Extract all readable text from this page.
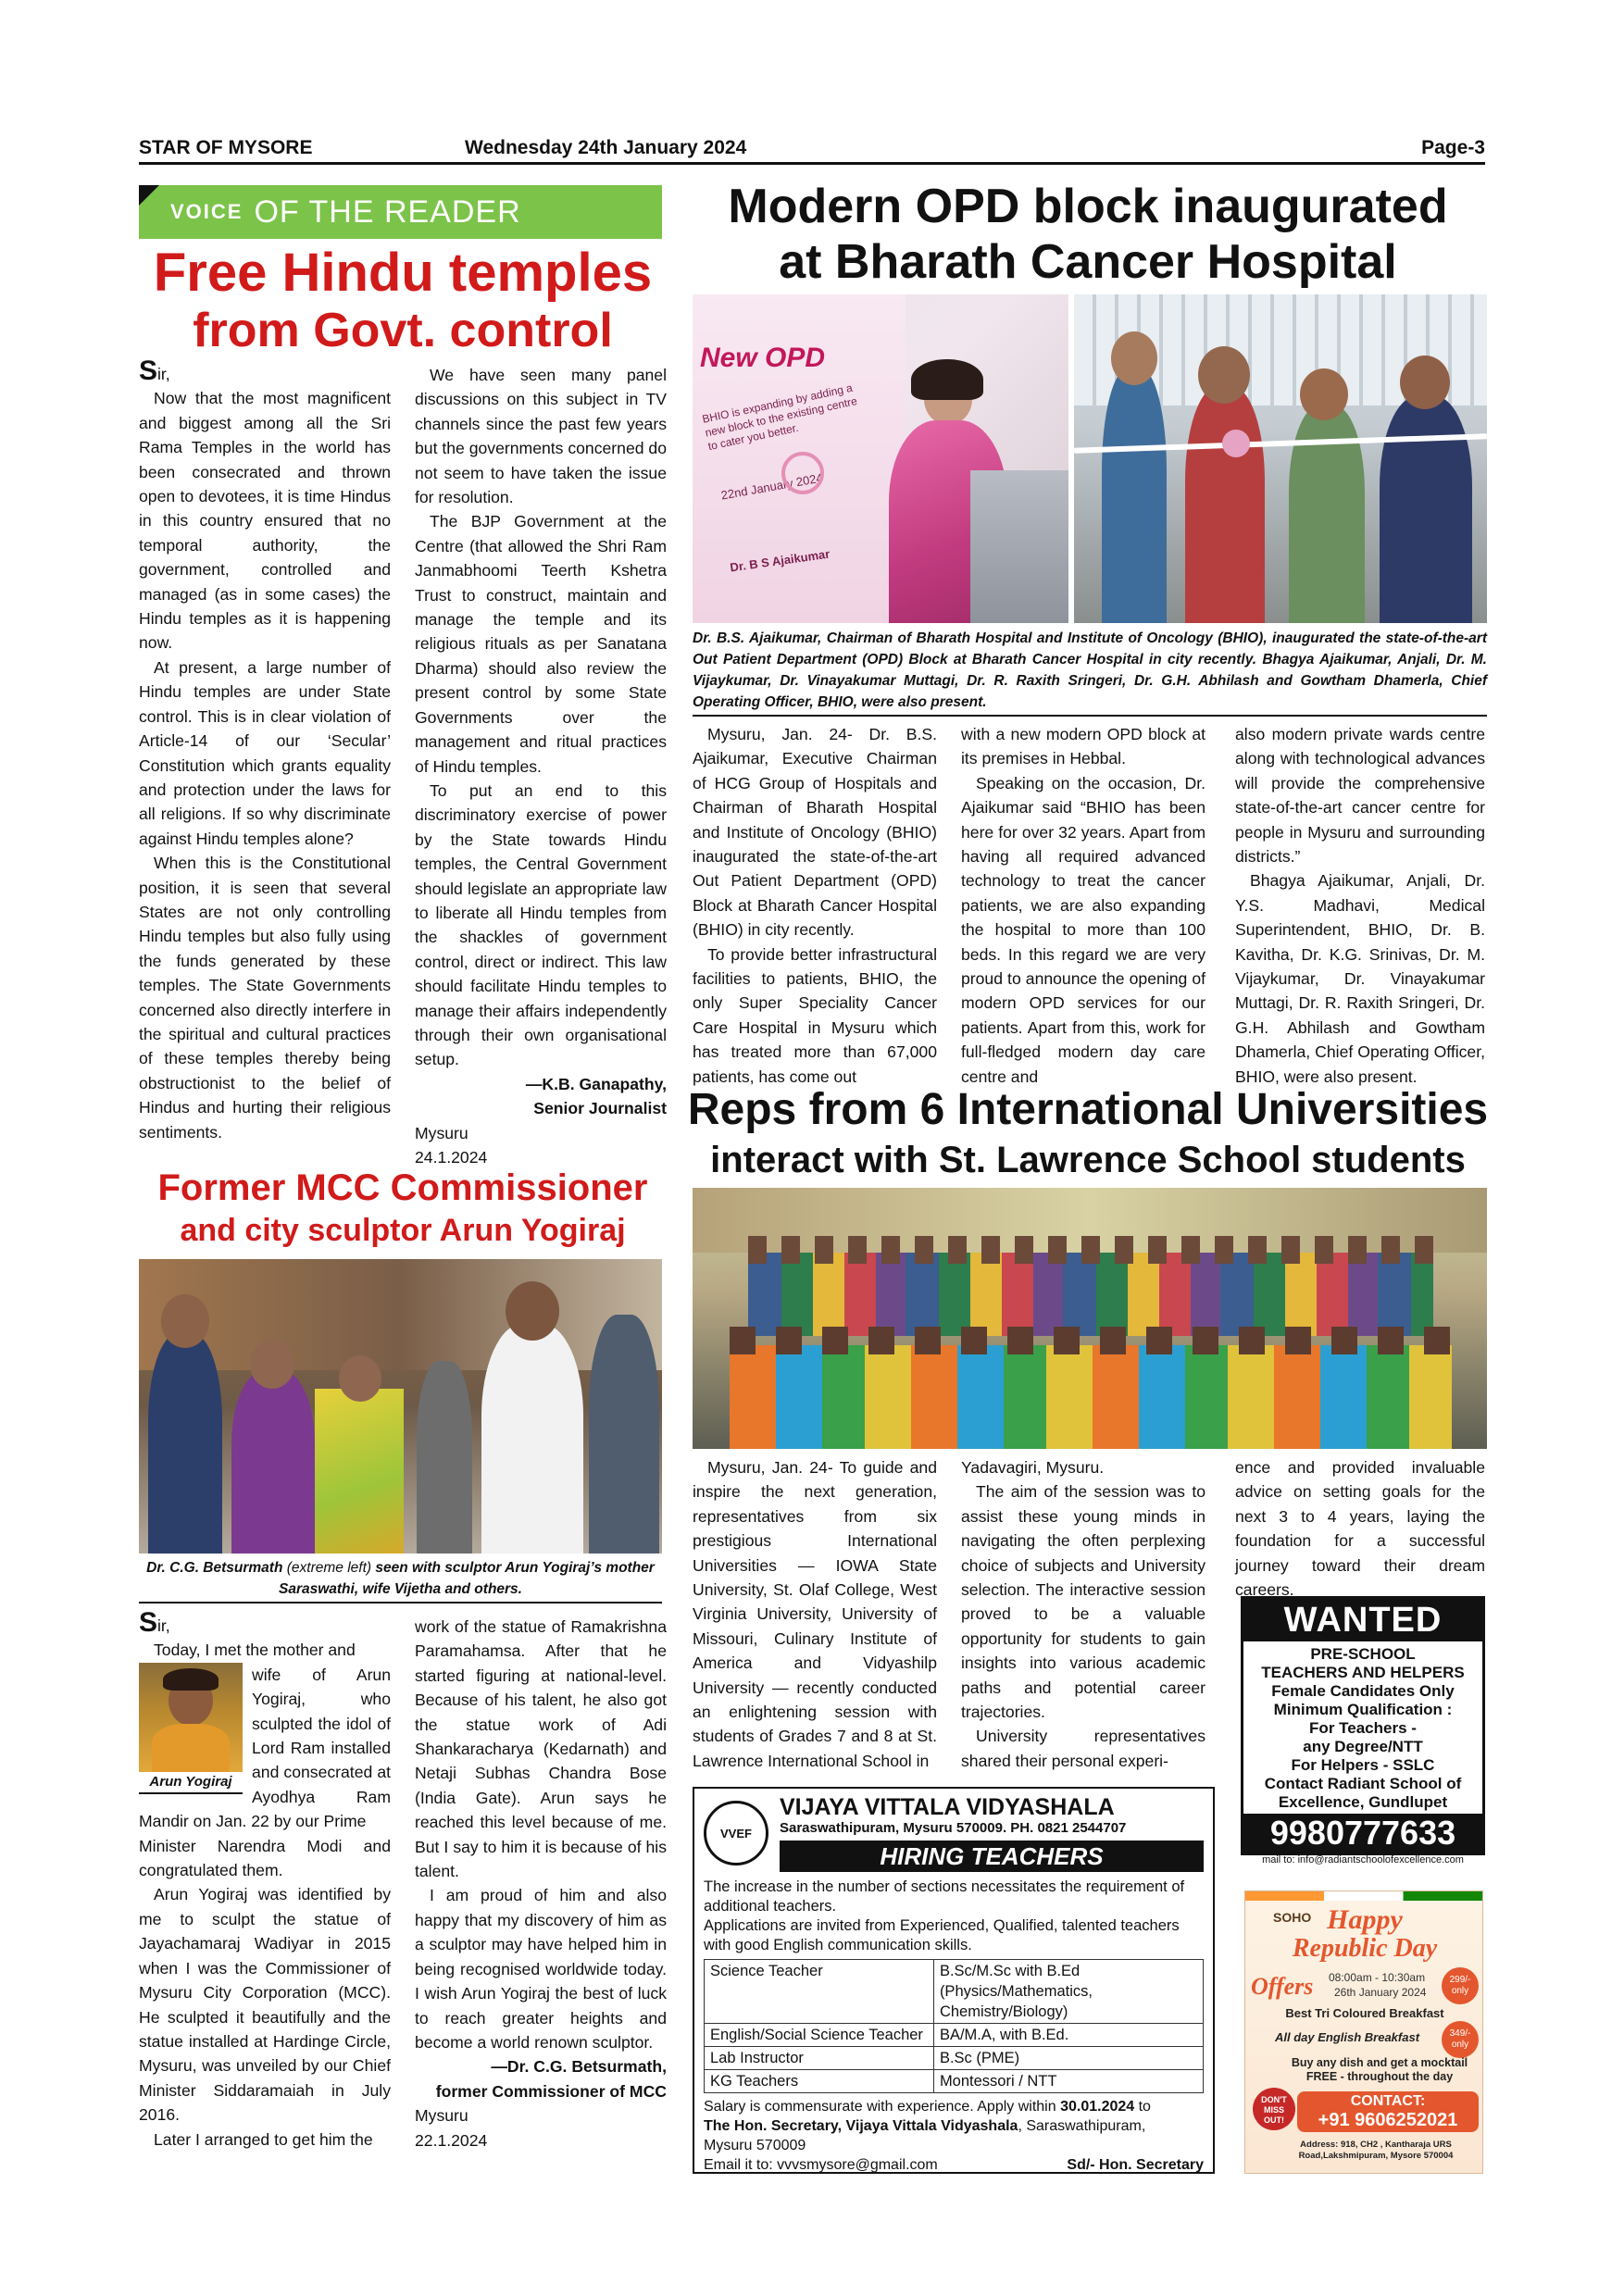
STAR OF MYSORE	Wednesday 24th January 2024	Page-3
VOICE OF THE READER
Free Hindu temples
from Govt. control

Sir,

Now that the most magnificent and biggest among all the Sri Rama Temples in the world has been consecrated and thrown open to devotees, it is time Hindus in this country ensured that no temporal authority, the government, controlled and managed (as in some cases) the Hindu temples as it is happening now.

At present, a large number of Hindu temples are under State control. This is in clear violation of Article-14 of our ‘Secular’ Constitution which grants equality and protection under the laws for all religions. If so why discriminate against Hindu temples alone?

When this is the Constitutional position, it is seen that several States are not only controlling Hindu temples but also fully using the funds generated by these temples. The State Governments concerned also directly interfere in the spiritual and cultural practices of these temples thereby being obstructionist to the belief of Hindus and hurting their religious sentiments.

We have seen many panel discussions on this subject in TV channels since the past few years but the governments concerned do not seem to have taken the issue for resolution.

The BJP Government at the Centre (that allowed the Shri Ram Janmabhoomi Teerth Kshetra Trust to construct, maintain and manage the temple and its religious rituals as per Sanatana Dharma) should also review the present control by some State Governments over the management and ritual practices of Hindu temples.

To put an end to this discriminatory exercise of power by the State towards Hindu temples, the Central Government should legislate an appropriate law to liberate all Hindu temples from the shackles of government control, direct or indirect. This law should facilitate Hindu temples to manage their affairs independently through their own organisational setup.

—K.B. Ganapathy,
Senior Journalist
Mysuru
24.1.2024
Modern OPD block inaugurated
at Bharath Cancer Hospital
New OPD
BHIO is expanding by adding a new block to the existing centre to cater you better.
22nd January 2024
Dr. B S Ajaikumar
Dr. B.S. Ajaikumar, Chairman of Bharath Hospital and Institute of Oncology (BHIO), inaugurated the state-of-the-art Out Patient Department (OPD) Block at Bharath Cancer Hospital in city recently. Bhagya Ajaikumar, Anjali, Dr. M. Vijaykumar, Dr. Vinayakumar Muttagi, Dr. R. Raxith Sringeri, Dr. G.H. Abhilash and Gowtham Dhamerla, Chief Operating Officer, BHIO, were also present.

Mysuru, Jan. 24- Dr. B.S. Ajaikumar, Executive Chairman of HCG Group of Hospitals and Chairman of Bharath Hospital and Institute of Oncology (BHIO) inaugurated the state-of-the-art Out Patient Department (OPD) Block at Bharath Cancer Hospital (BHIO) in city recently.

To provide better infrastructural facilities to patients, BHIO, the only Super Speciality Cancer Care Hospital in Mysuru which has treated more than 67,000 patients, has come out

with a new modern OPD block at its premises in Hebbal.

Speaking on the occasion, Dr. Ajaikumar said “BHIO has been here for over 32 years. Apart from having all required advanced technology to treat the cancer patients, we are also expanding the hospital to more than 100 beds. In this regard we are very proud to announce the opening of modern OPD services for our patients. Apart from this, work for full-fledged modern day care centre and

also modern private wards centre along with technological advances will provide the comprehensive state-of-the-art cancer centre for people in Mysuru and surrounding districts.”

Bhagya Ajaikumar, Anjali, Dr. Y.S. Madhavi, Medical Superintendent, BHIO, Dr. B. Kavitha, Dr. K.G. Srinivas, Dr. M. Vijaykumar, Dr. Vinayakumar Muttagi, Dr. R. Raxith Sringeri, Dr. G.H. Abhilash and Gowtham Dhamerla, Chief Operating Officer, BHIO, were also present.

Reps from 6 International Universities
interact with St. Lawrence School students

Mysuru, Jan. 24- To guide and inspire the next generation, representatives from six prestigious International Universities — IOWA State University, St. Olaf College, West Virginia University, University of Missouri, Culinary Institute of America and Vidyashilp University — recently conducted an enlightening session with students of Grades 7 and 8 at St. Lawrence International School in

Yadavagiri, Mysuru.

The aim of the session was to assist these young minds in navigating the often perplexing choice of subjects and University selection. The interactive session proved to be a valuable opportunity for students to gain insights into various academic paths and potential career trajectories.

University representatives shared their personal experi-

ence and provided invaluable advice on setting goals for the next 3 to 4 years, laying the foundation for a successful journey toward their dream careers.

Former MCC Commissioner
and city sculptor Arun Yogiraj
Dr. C.G. Betsurmath (extreme left) seen with sculptor Arun Yogiraj’s mother Saraswathi, wife Vijetha and others.

Sir,

Today, I met the mother and

Arun Yogiraj

wife of Arun Yogiraj, who sculpted the idol of Lord Ram installed and consecrated at Ayodhya Ram Mandir on Jan. 22 by our Prime

Minister Narendra Modi and congratulated them.

Arun Yogiraj was identified by me to sculpt the statue of Jayachamaraj Wadiyar in 2015 when I was the Commissioner of Mysuru City Corporation (MCC). He sculpted it beautifully and the statue installed at Hardinge Circle, Mysuru, was unveiled by our Chief Minister Siddaramaiah in July 2016.

Later I arranged to get him the

work of the statue of Ramakrishna Paramahamsa. After that he started figuring at national-level. Because of his talent, he also got the statue work of Adi Shankaracharya (Kedarnath) and Netaji Subhas Chandra Bose (India Gate). Arun says he reached this level because of me. But I say to him it is because of his talent.

I am proud of him and also happy that my discovery of him as a sculptor may have helped him in being recognised worldwide today. I wish Arun Yogiraj the best of luck to reach greater heights and become a world renown sculptor.

—Dr. C.G. Betsurmath,
former Commissioner of MCC
Mysuru
22.1.2024
VVEF
VIJAYA VITTALA VIDYASHALA
Saraswathipuram, Mysuru 570009. PH. 0821 2544707
HIRING TEACHERS
The increase in the number of sections necessitates the requirement of additional teachers.
Applications are invited from Experienced, Qualified, talented teachers with good English communication skills.
Science Teacher	B.Sc/M.Sc with B.Ed (Physics/Mathematics, Chemistry/Biology)
English/Social Science Teacher	BA/M.A, with B.Ed.
Lab Instructor	B.Sc (PME)
KG Teachers	Montessori / NTT
Salary is commensurate with experience. Apply within 30.01.2024 to
The Hon. Secretary, Vijaya Vittala Vidyashala, Saraswathipuram,
Mysuru 570009
Email it to: vvvsmysore@gmail.com	Sd/- Hon. Secretary
WANTED
PRE-SCHOOL
TEACHERS AND HELPERS
Female Candidates Only
Minimum Qualification :
For Teachers -
any Degree/NTT
For Helpers - SSLC
Contact Radiant School of
Excellence, Gundlupet
9980777633
mail to: info@radiantschoolofexcellence.com
SOHO Happy
Republic Day
Offers 08:00am - 10:30am
26th January 2024
299/- only
Best Tri Coloured Breakfast
All day English Breakfast	349/- only
Buy any dish and get a mocktail FREE - throughout the day
DON'T MISS OUT!
CONTACT:
+91 9606252021
Address: 918, CH2 , Kantharaja URS Road,Lakshmipuram, Mysore 570004
